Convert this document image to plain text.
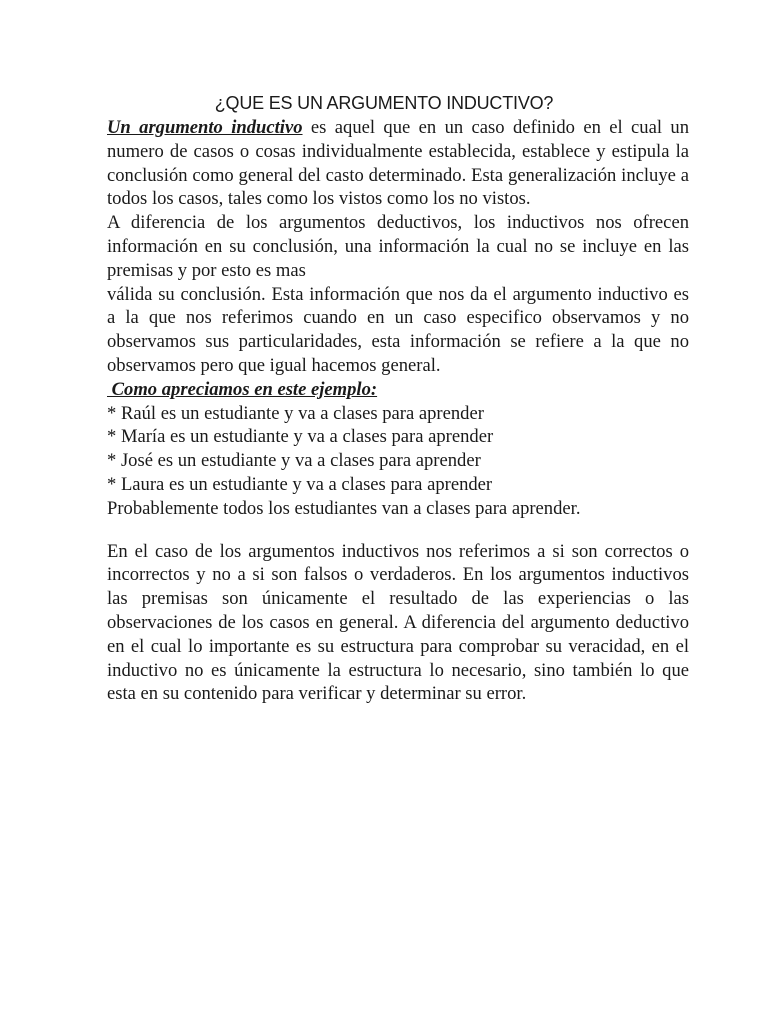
¿QUE ES UN ARGUMENTO INDUCTIVO?

Un argumento inductivo es aquel que en un caso definido en el cual un numero de casos o cosas individualmente establecida, establece y estipula la conclusión como general del casto determinado. Esta generalización incluye a todos los casos, tales como los vistos como los no vistos.

A diferencia de los argumentos deductivos, los inductivos nos ofrecen información en su conclusión, una información la cual no se incluye en las premisas y por esto es mas

válida su conclusión. Esta información que nos da el argumento inductivo es a la que nos referimos cuando en un caso especifico observamos y no observamos sus particularidades, esta información se refiere a la que no observamos pero que igual hacemos general.

Como apreciamos en este ejemplo:
* Raúl es un estudiante y va a clases para aprender
* María es un estudiante y va a clases para aprender
* José es un estudiante y va a clases para aprender
* Laura es un estudiante y va a clases para aprender
Probablemente todos los estudiantes van a clases para aprender.

En el caso de los argumentos inductivos nos referimos a si son correctos o incorrectos y no a si son falsos o verdaderos. En los argumentos inductivos las premisas son únicamente el resultado de las experiencias o las observaciones de los casos en general. A diferencia del argumento deductivo en el cual lo importante es su estructura para comprobar su veracidad, en el inductivo no es únicamente la estructura lo necesario, sino también lo que esta en su contenido para verificar y determinar su error.
